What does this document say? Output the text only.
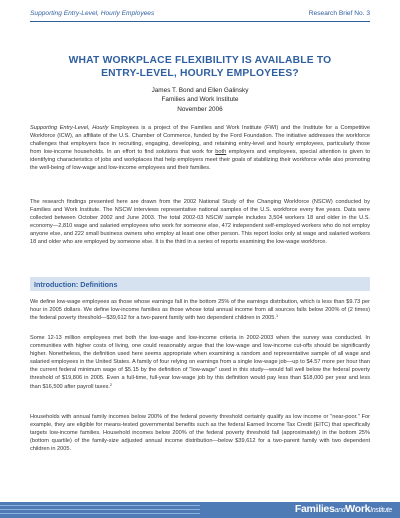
Supporting Entry-Level, Hourly Employees	Research Brief No. 3
WHAT WORKPLACE FLEXIBILITY IS AVAILABLE TO
ENTRY-LEVEL, HOURLY EMPLOYEES?
James T. Bond and Ellen Galinsky
Families and Work Institute
November 2006

Supporting Entry-Level, Hourly Employees is a project of the Families and Work Institute (FWI) and the Institute for a Competitive Workforce (ICW), an affiliate of the U.S. Chamber of Commerce, funded by the Ford Foundation. The initiative addresses the workforce challenges that employers face in recruiting, engaging, developing, and retaining entry-level and hourly employees, particularly those from low-income households. In an effort to find solutions that work for both employers and employees, special attention is given to identifying characteristics of jobs and workplaces that help employers meet their goals of stabilizing their workforce while also promoting the well-being of low-wage and low-income employees and their families.

The research findings presented here are drawn from the 2002 National Study of the Changing Workforce (NSCW) conducted by Families and Work Institute. The NSCW interviews representative national samples of the U.S. workforce every five years. Data were collected between October 2002 and June 2003. The total 2002-03 NSCW sample includes 3,504 workers 18 and older in the U.S. economy—2,810 wage and salaried employees who work for someone else, 472 independent self-employed workers who do not employ anyone else, and 222 small business owners who employ at least one other person. This report looks only at wage and salaried workers 18 and older who are employed by someone else. It is the third in a series of reports examining the low-wage workforce.

Introduction: Definitions

We define low-wage employees as those whose earnings fall in the bottom 25% of the earnings distribution, which is less than $9.73 per hour in 2005 dollars. We define low-income families as those whose total annual income from all sources falls below 200% of (2 times) the federal poverty threshold—$39,612 for a two-parent family with two dependent children in 2005.$^1$

Some 12-13 million employees met both the low-wage and low-income criteria in 2002-2003 when the survey was conducted. In communities with higher costs of living, one could reasonably argue that the low-wage and low-income cut-offs should be significantly higher. Nonetheless, the definition used here seems appropriate when examining a random and representative sample of all wage and salaried employees in the United States. A family of four relying on earnings from a single low-wage job—up to $4.57 more per hour than the current federal minimum wage of $5.15 by the definition of "low-wage" used in this study—would fall well below the federal poverty threshold of $19,806 in 2005. Even a full-time, full-year low-wage job by this definition would pay less than $18,000 per year and less than $16,500 after payroll taxes.$^2$

Households with annual family incomes below 200% of the federal poverty threshold certainly qualify as low income or "near-poor." For example, they are eligible for means-tested governmental benefits such as the federal Earned Income Tax Credit (EITC) that specifically targets low-income families. Household incomes below 200% of the federal poverty threshold fall (approximately) in the bottom 25% (bottom quartile) of the family-size adjusted annual income distribution—below $39,612 for a two-parent family with two dependent children in 2005.

FamiliesandWorkInstitute
